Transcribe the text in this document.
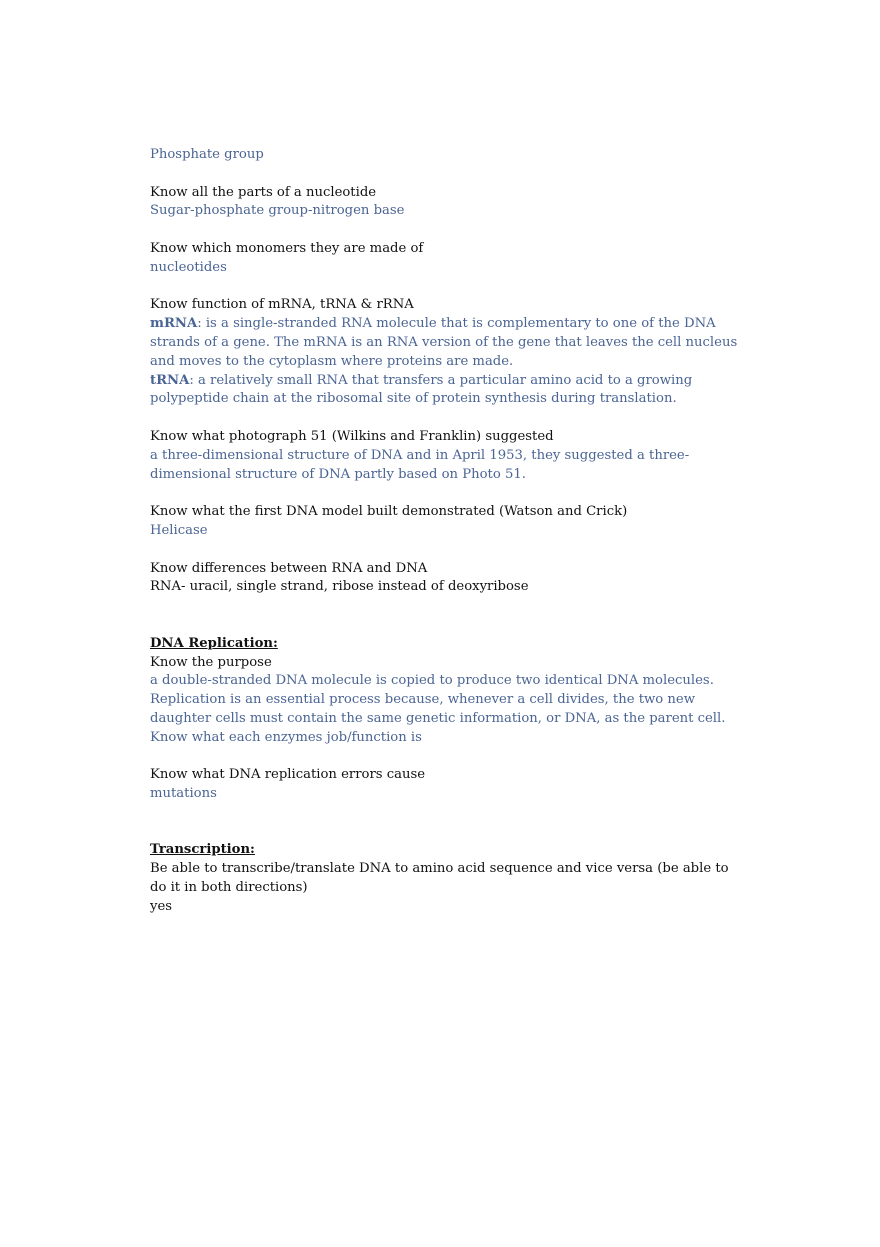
Phosphate group
Know all the parts of a nucleotide
Sugar-phosphate group-nitrogen base
Know which monomers they are made of
nucleotides
Know function of mRNA, tRNA & rRNA
mRNA: is a single-stranded RNA molecule that is complementary to one of the DNA strands of a gene. The mRNA is an RNA version of the gene that leaves the cell nucleus and moves to the cytoplasm where proteins are made.
tRNA: a relatively small RNA that transfers a particular amino acid to a growing polypeptide chain at the ribosomal site of protein synthesis during translation.
Know what photograph 51 (Wilkins and Franklin) suggested
a three-dimensional structure of DNA and in April 1953, they suggested a three-dimensional structure of DNA partly based on Photo 51.
Know what the first DNA model built demonstrated (Watson and Crick)
Helicase
Know differences between RNA and DNA
RNA- uracil, single strand, ribose instead of deoxyribose
DNA Replication:
Know the purpose
a double-stranded DNA molecule is copied to produce two identical DNA molecules. Replication is an essential process because, whenever a cell divides, the two new daughter cells must contain the same genetic information, or DNA, as the parent cell.
Know what each enzymes job/function is
Know what DNA replication errors cause
mutations
Transcription:
Be able to transcribe/translate DNA to amino acid sequence and vice versa (be able to do it in both directions)
yes
